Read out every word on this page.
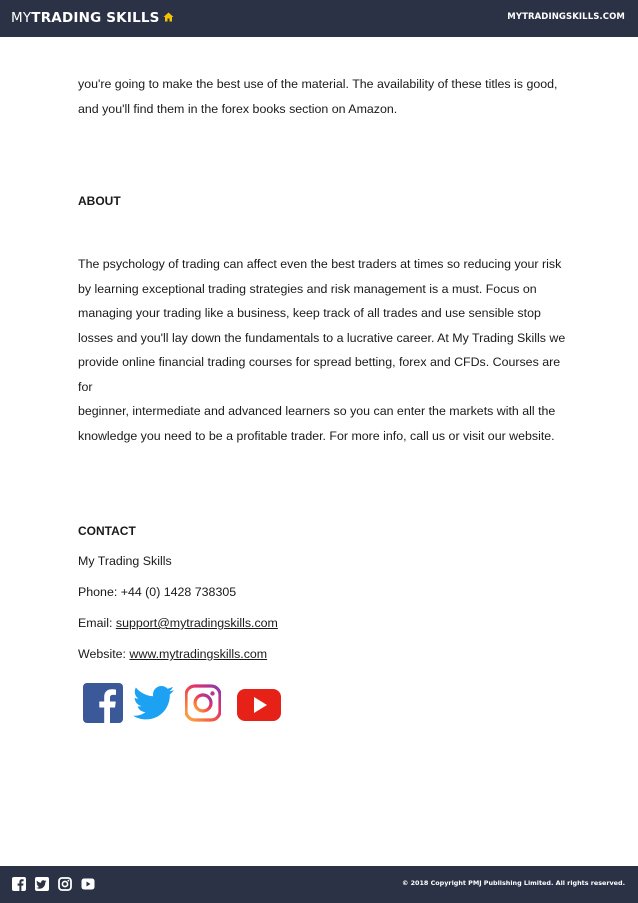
MY TRADING SKILLS	MYTRADINGSKILLS.COM
you're going to make the best use of the material. The availability of these titles is good,
and you'll find them in the forex books section on Amazon.
ABOUT
The psychology of trading can affect even the best traders at times so reducing your risk
by learning exceptional trading strategies and risk management is a must. Focus on
managing your trading like a business, keep track of all trades and use sensible stop
losses and you'll lay down the fundamentals to a lucrative career. At My Trading Skills we
provide online financial trading courses for spread betting, forex and CFDs. Courses are for
beginner, intermediate and advanced learners so you can enter the markets with all the
knowledge you need to be a profitable trader. For more info, call us or visit our website.
CONTACT
My Trading Skills
Phone: +44 (0) 1428 738305
Email: support@mytradingskills.com
Website: www.mytradingskills.com
© 2018 Copyright PMJ Publishing Limited. All rights reserved.
